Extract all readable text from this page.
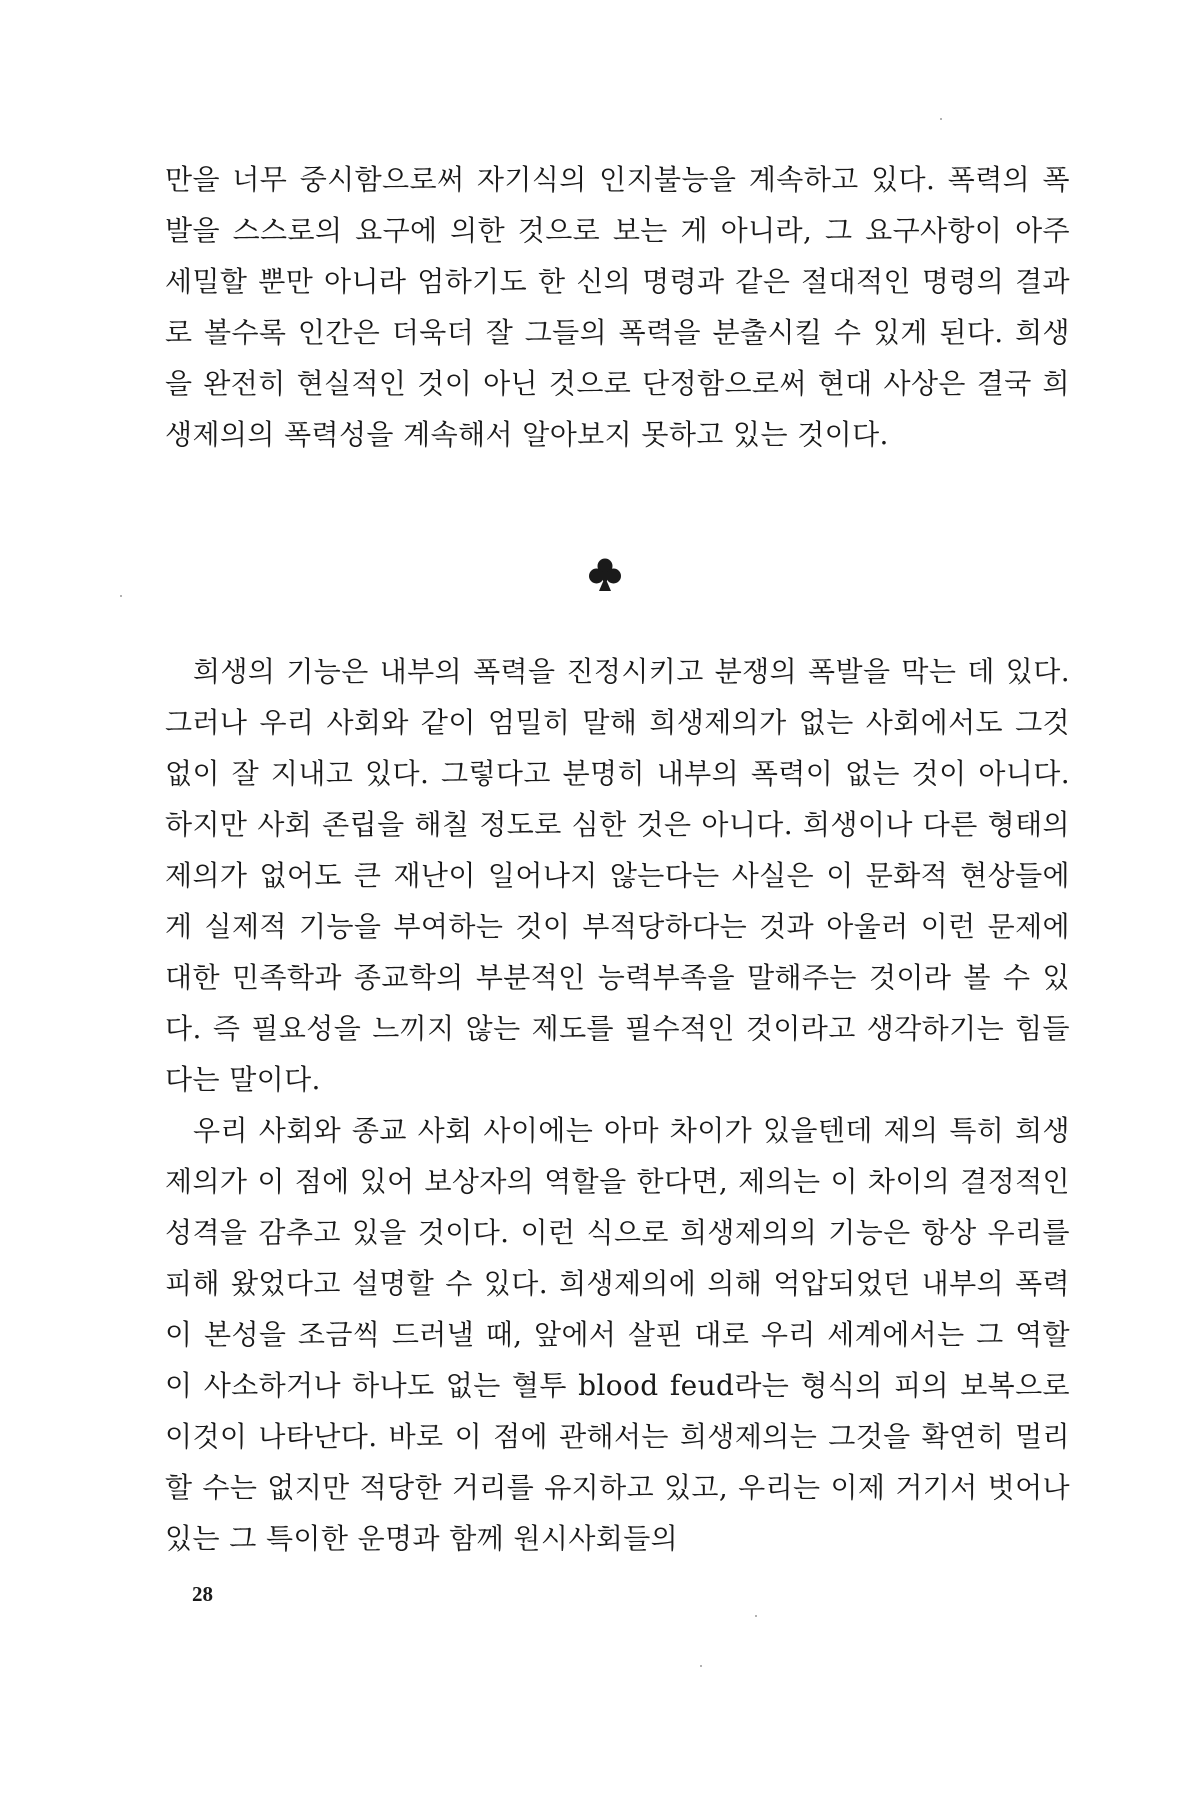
만을 너무 중시함으로써 자기식의 인지불능을 계속하고 있다. 폭력의 폭발을 스스로의 요구에 의한 것으로 보는 게 아니라, 그 요구사항이 아주 세밀할 뿐만 아니라 엄하기도 한 신의 명령과 같은 절대적인 명령의 결과로 볼수록 인간은 더욱더 잘 그들의 폭력을 분출시킬 수 있게 된다. 희생을 완전히 현실적인 것이 아닌 것으로 단정함으로써 현대 사상은 결국 희생제의의 폭력성을 계속해서 알아보지 못하고 있는 것이다.

희생의 기능은 내부의 폭력을 진정시키고 분쟁의 폭발을 막는 데 있다. 그러나 우리 사회와 같이 엄밀히 말해 희생제의가 없는 사회에서도 그것 없이 잘 지내고 있다. 그렇다고 분명히 내부의 폭력이 없는 것이 아니다. 하지만 사회 존립을 해칠 정도로 심한 것은 아니다. 희생이나 다른 형태의 제의가 없어도 큰 재난이 일어나지 않는다는 사실은 이 문화적 현상들에게 실제적 기능을 부여하는 것이 부적당하다는 것과 아울러 이런 문제에 대한 민족학과 종교학의 부분적인 능력부족을 말해주는 것이라 볼 수 있다. 즉 필요성을 느끼지 않는 제도를 필수적인 것이라고 생각하기는 힘들다는 말이다.

우리 사회와 종교 사회 사이에는 아마 차이가 있을텐데 제의 특히 희생제의가 이 점에 있어 보상자의 역할을 한다면, 제의는 이 차이의 결정적인 성격을 감추고 있을 것이다. 이런 식으로 희생제의의 기능은 항상 우리를 피해 왔었다고 설명할 수 있다. 희생제의에 의해 억압되었던 내부의 폭력이 본성을 조금씩 드러낼 때, 앞에서 살핀 대로 우리 세계에서는 그 역할이 사소하거나 하나도 없는 혈투 blood feud라는 형식의 피의 보복으로 이것이 나타난다. 바로 이 점에 관해서는 희생제의는 그것을 확연히 멀리할 수는 없지만 적당한 거리를 유지하고 있고, 우리는 이제 거기서 벗어나 있는 그 특이한 운명과 함께 원시사회들의

28
